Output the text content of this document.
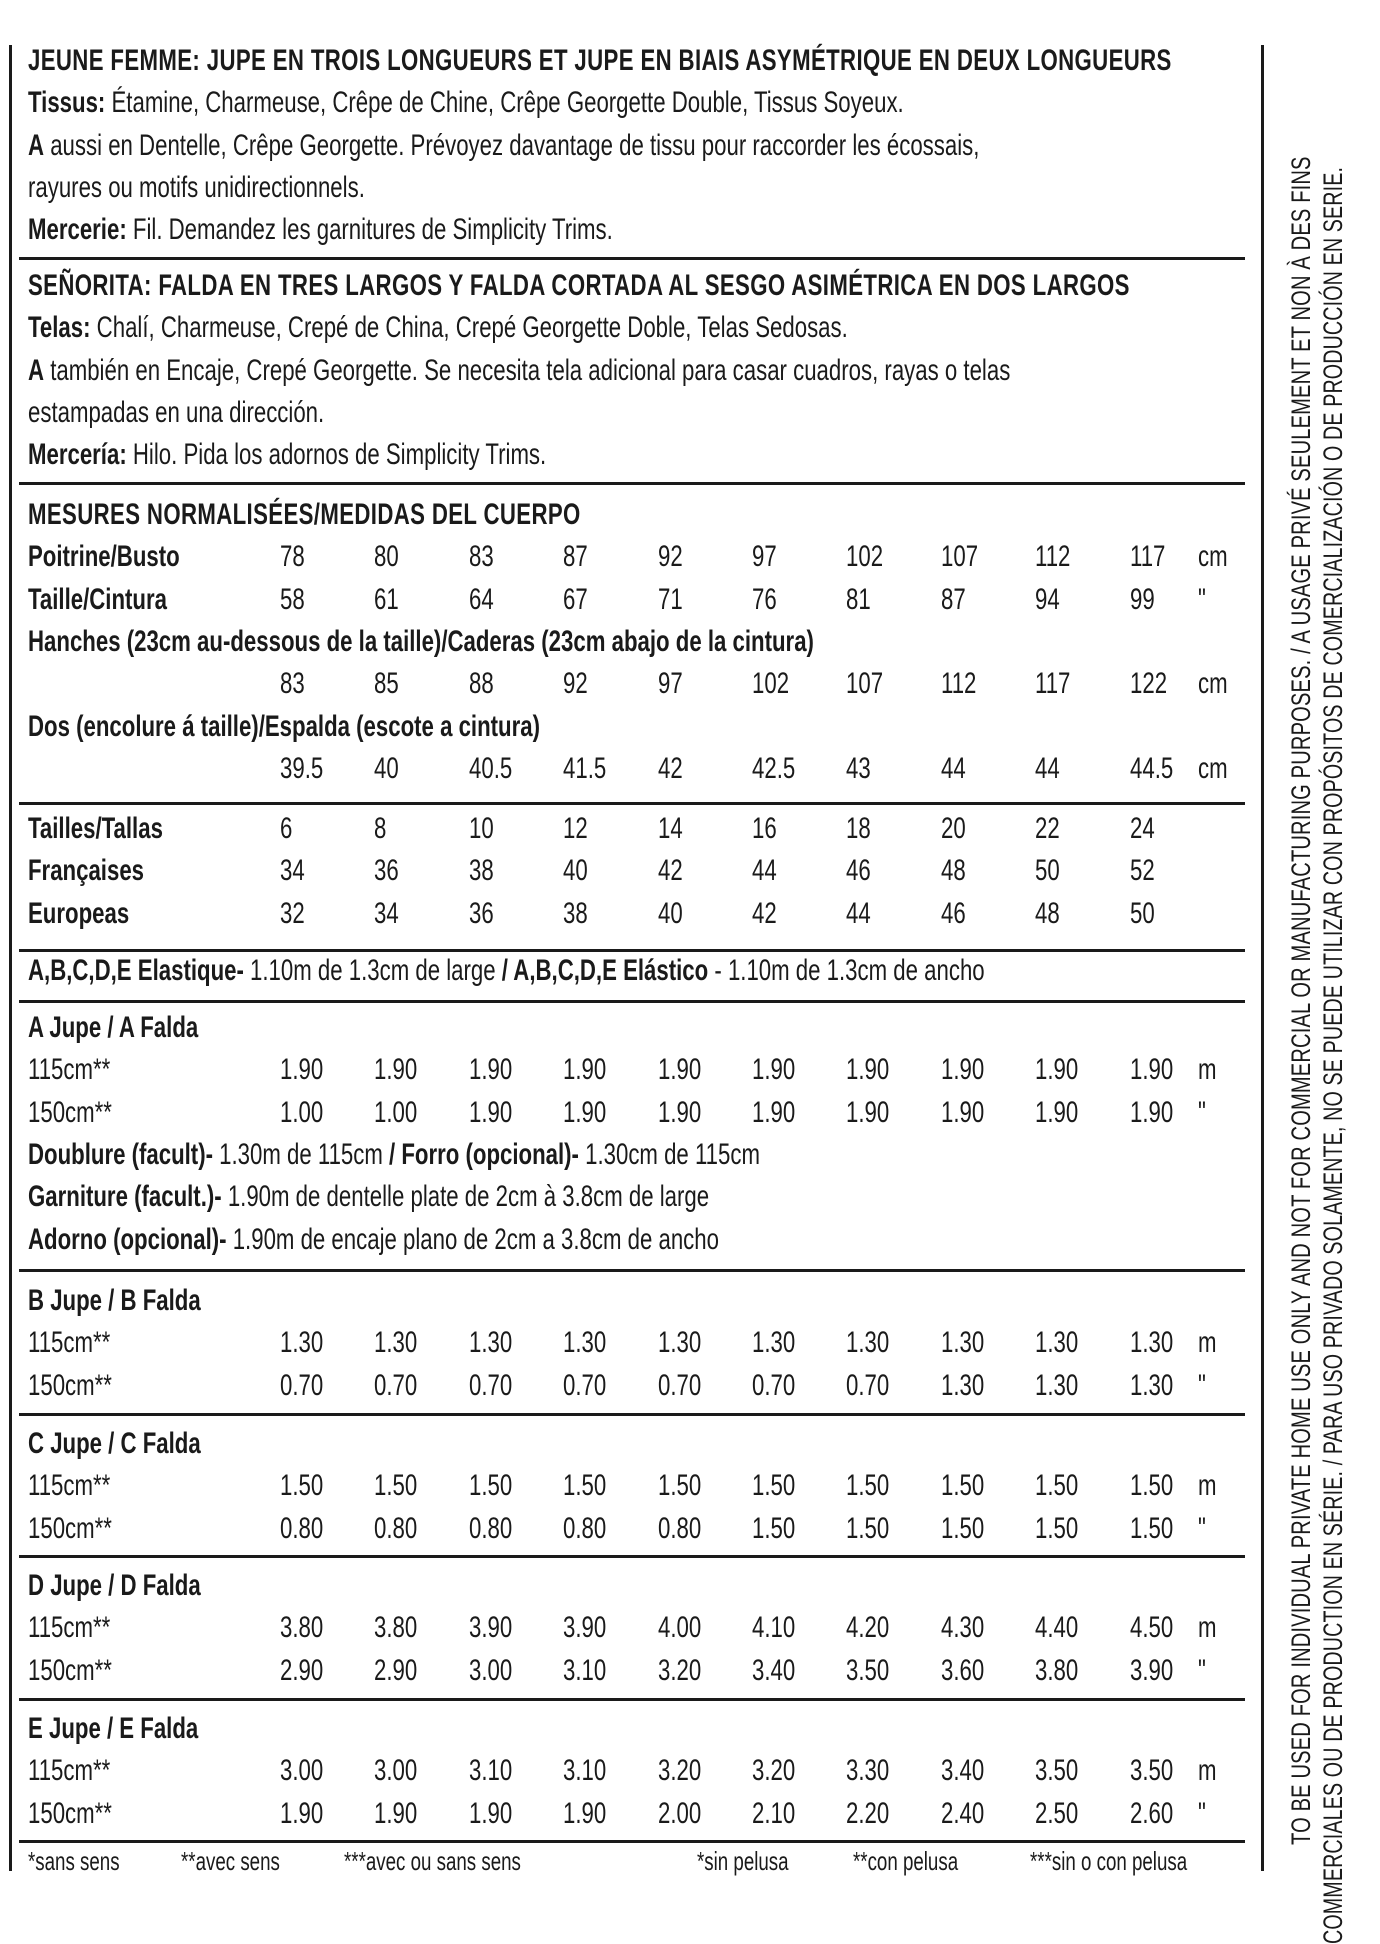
JEUNE FEMME: JUPE EN TROIS LONGUEURS ET JUPE EN BIAIS ASYMÉTRIQUE EN DEUX LONGUEURS
Tissus: Étamine, Charmeuse, Crêpe de Chine, Crêpe Georgette Double, Tissus Soyeux.
A aussi en Dentelle, Crêpe Georgette. Prévoyez davantage de tissu pour raccorder les écossais,
rayures ou motifs unidirectionnels.
Mercerie: Fil. Demandez les garnitures de Simplicity Trims.
SEÑORITA: FALDA EN TRES LARGOS Y FALDA CORTADA AL SESGO ASIMÉTRICA EN DOS LARGOS
Telas: Chalí, Charmeuse, Crepé de China, Crepé Georgette Doble, Telas Sedosas.
A también en Encaje, Crepé Georgette. Se necesita tela adicional para casar cuadros, rayas o telas
estampadas en una dirección.
Mercería: Hilo. Pida los adornos de Simplicity Trims.
MESURES NORMALISÉES/MEDIDAS DEL CUERPO
Poitrine/Busto	78 80 83 87 92 97 102 107 112 117 cm
Taille/Cintura	58 61 64 67 71 76 81 87 94 99 "
Hanches (23cm au-dessous de la taille)/Caderas (23cm abajo de la cintura)
83 85 88 92 97 102 107 112 117 122 cm
Dos (encolure á taille)/Espalda (escote a cintura)
39.5 40 40.5 41.5 42 42.5 43 44 44 44.5 cm
Tailles/Tallas	6	8	10 12 14 16 18 20 22 24
Françaises	34 36 38 40 42 44 46 48 50 52
Europeas	32 34 36 38 40 42 44 46 48 50
A,B,C,D,E Elastique- 1.10m de 1.3cm de large / A,B,C,D,E Elástico - 1.10m de 1.3cm de ancho
A Jupe / A Falda
115cm**	1.90 1.90 1.90 1.90 1.90 1.90 1.90 1.90 1.90 1.90 m
150cm**	1.00 1.00 1.90 1.90 1.90 1.90 1.90 1.90 1.90 1.90 "
Doublure (facult)- 1.30m de 115cm / Forro (opcional)- 1.30cm de 115cm
Garniture (facult.)- 1.90m de dentelle plate de 2cm à 3.8cm de large
Adorno (opcional)- 1.90m de encaje plano de 2cm a 3.8cm de ancho
B Jupe / B Falda
115cm**	1.30 1.30 1.30 1.30 1.30 1.30 1.30 1.30 1.30 1.30 m
150cm**	0.70 0.70 0.70 0.70 0.70 0.70 0.70 1.30 1.30 1.30 "
C Jupe / C Falda
115cm**	1.50 1.50 1.50 1.50 1.50 1.50 1.50 1.50 1.50 1.50 m
150cm**	0.80 0.80 0.80 0.80 0.80 1.50 1.50 1.50 1.50 1.50 "
D Jupe / D Falda
115cm**	3.80 3.80 3.90 3.90 4.00 4.10 4.20 4.30 4.40 4.50 m
150cm**	2.90 2.90 3.00 3.10 3.20 3.40 3.50 3.60 3.80 3.90 "
E Jupe / E Falda
115cm**	3.00 3.00 3.10 3.10 3.20 3.20 3.30 3.40 3.50 3.50 m
150cm**	1.90 1.90 1.90 1.90 2.00 2.10 2.20 2.40 2.50 2.60 "
*sans sens **avec sens ***avec ou sans sens	*sin pelusa **con pelusa	***sin o con pelusa
TO BE USED FOR INDIVIDUAL PRIVATE HOME USE ONLY AND NOT FOR COMMERCIAL OR MANUFACTURING PURPOSES. / A USAGE PRIVÉ SEULEMENT ET NON À DES FINS COMMERCIALES OU DE PRODUCTION EN SÉRIE. / PARA USO PRIVADO SOLAMENTE, NO SE PUEDE UTILIZAR CON PROPÓSITOS DE COMERCIALIZACIÓN O DE PRODUCCIÓN EN SERIE.
